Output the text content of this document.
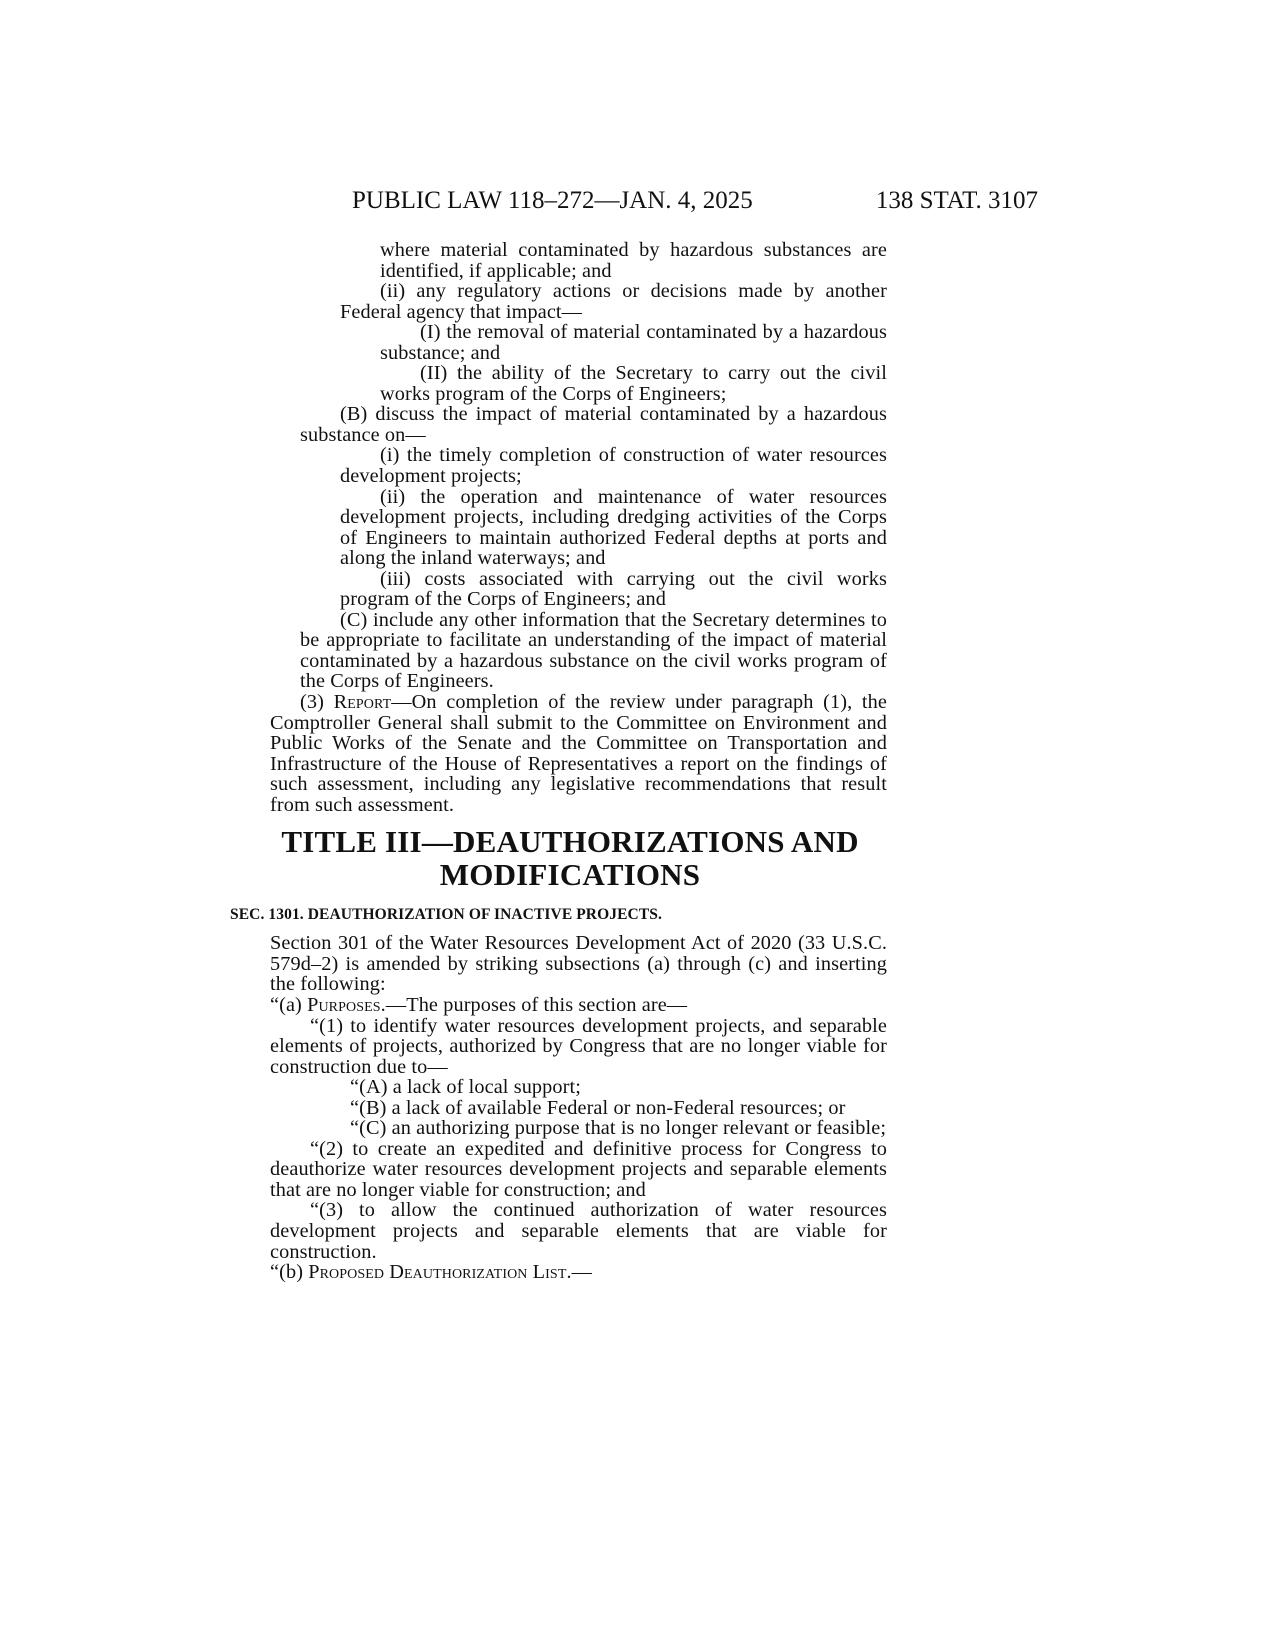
PUBLIC LAW 118–272—JAN. 4, 2025	138 STAT. 3107

where material contaminated by hazardous substances are identified, if applicable; and

(ii) any regulatory actions or decisions made by another Federal agency that impact—

(I) the removal of material contaminated by a hazardous substance; and

(II) the ability of the Secretary to carry out the civil works program of the Corps of Engineers;

(B) discuss the impact of material contaminated by a hazardous substance on—

(i) the timely completion of construction of water resources development projects;

(ii) the operation and maintenance of water resources development projects, including dredging activities of the Corps of Engineers to maintain authorized Federal depths at ports and along the inland waterways; and

(iii) costs associated with carrying out the civil works program of the Corps of Engineers; and

(C) include any other information that the Secretary determines to be appropriate to facilitate an understanding of the impact of material contaminated by a hazardous substance on the civil works program of the Corps of Engineers.

(3) Report—On completion of the review under paragraph (1), the Comptroller General shall submit to the Committee on Environment and Public Works of the Senate and the Committee on Transportation and Infrastructure of the House of Representatives a report on the findings of such assessment, including any legislative recommendations that result from such assessment.

TITLE III—DEAUTHORIZATIONS AND
MODIFICATIONS
SEC. 1301. DEAUTHORIZATION OF INACTIVE PROJECTS.

Section 301 of the Water Resources Development Act of 2020 (33 U.S.C. 579d–2) is amended by striking subsections (a) through (c) and inserting the following:

“(a) Purposes.—The purposes of this section are—

“(1) to identify water resources development projects, and separable elements of projects, authorized by Congress that are no longer viable for construction due to—

“(A) a lack of local support;

“(B) a lack of available Federal or non-Federal resources; or

“(C) an authorizing purpose that is no longer relevant or feasible;

“(2) to create an expedited and definitive process for Congress to deauthorize water resources development projects and separable elements that are no longer viable for construction; and

“(3) to allow the continued authorization of water resources development projects and separable elements that are viable for construction.

“(b) Proposed Deauthorization List.—
